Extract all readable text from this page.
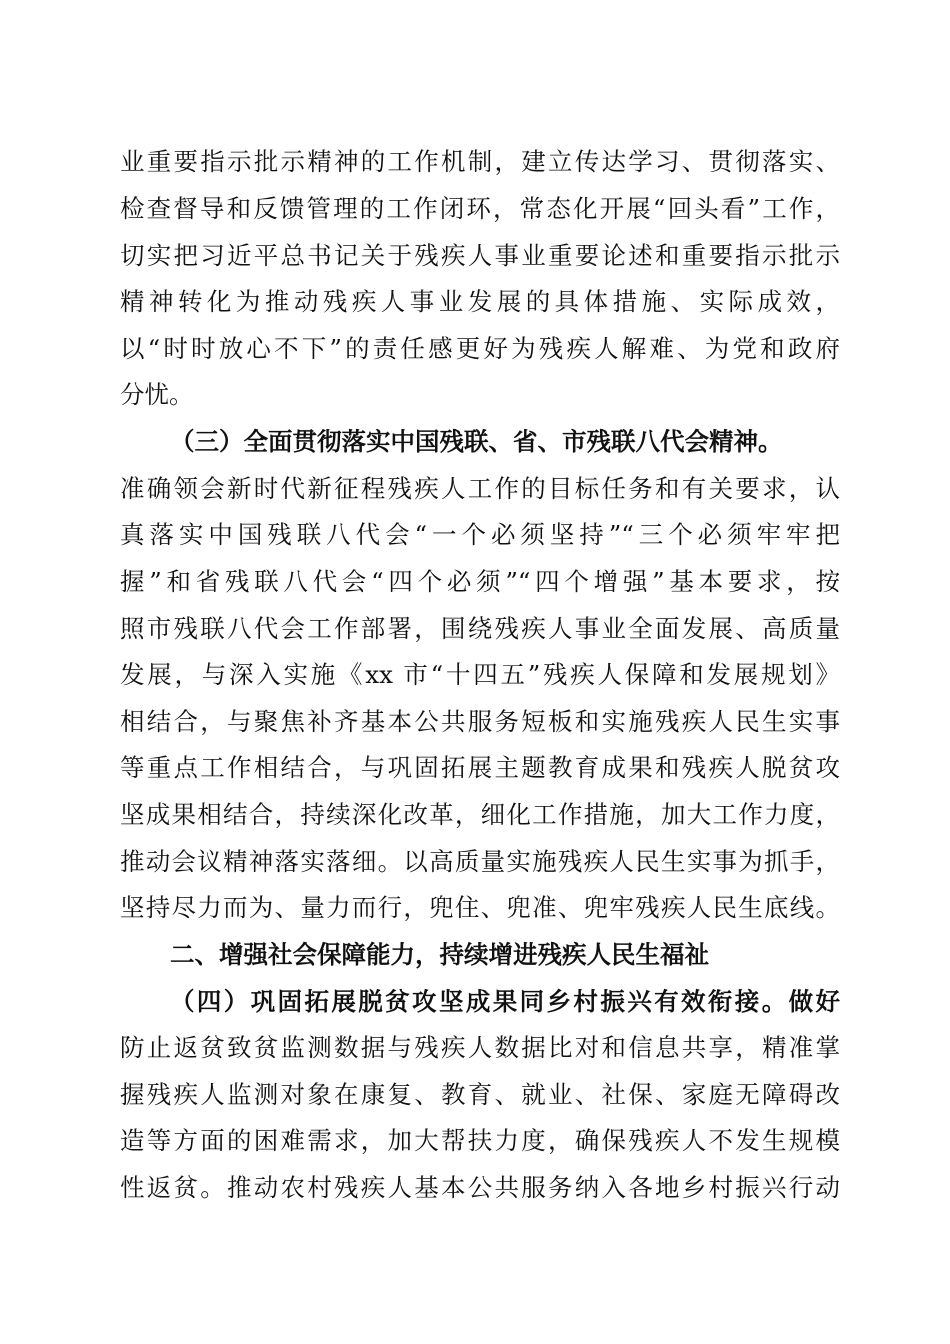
业重要指示批示精神的工作机制，建立传达学习、贯彻落实、
检查督导和反馈管理的工作闭环，常态化开展“回头看”工作，
切实把习近平总书记关于残疾人事业重要论述和重要指示批示
精神转化为推动残疾人事业发展的具体措施、实际成效，
以“时时放心不下”的责任感更好为残疾人解难、为党和政府
分忧。
（三）全面贯彻落实中国残联、省、市残联八代会精神。
准确领会新时代新征程残疾人工作的目标任务和有关要求，认
真落实中国残联八代会“一个必须坚持”“三个必须牢牢把
握”和省残联八代会“四个必须”“四个增强”基本要求，按
照市残联八代会工作部署，围绕残疾人事业全面发展、高质量
发展，与深入实施《xx 市“十四五”残疾人保障和发展规划》
相结合，与聚焦补齐基本公共服务短板和实施残疾人民生实事
等重点工作相结合，与巩固拓展主题教育成果和残疾人脱贫攻
坚成果相结合，持续深化改革，细化工作措施，加大工作力度，
推动会议精神落实落细。以高质量实施残疾人民生实事为抓手，
坚持尽力而为、量力而行，兜住、兜准、兜牢残疾人民生底线。
二、增强社会保障能力，持续增进残疾人民生福祉
（四）巩固拓展脱贫攻坚成果同乡村振兴有效衔接。做好
防止返贫致贫监测数据与残疾人数据比对和信息共享，精准掌
握残疾人监测对象在康复、教育、就业、社保、家庭无障碍改
造等方面的困难需求，加大帮扶力度，确保残疾人不发生规模
性返贫。推动农村残疾人基本公共服务纳入各地乡村振兴行动
